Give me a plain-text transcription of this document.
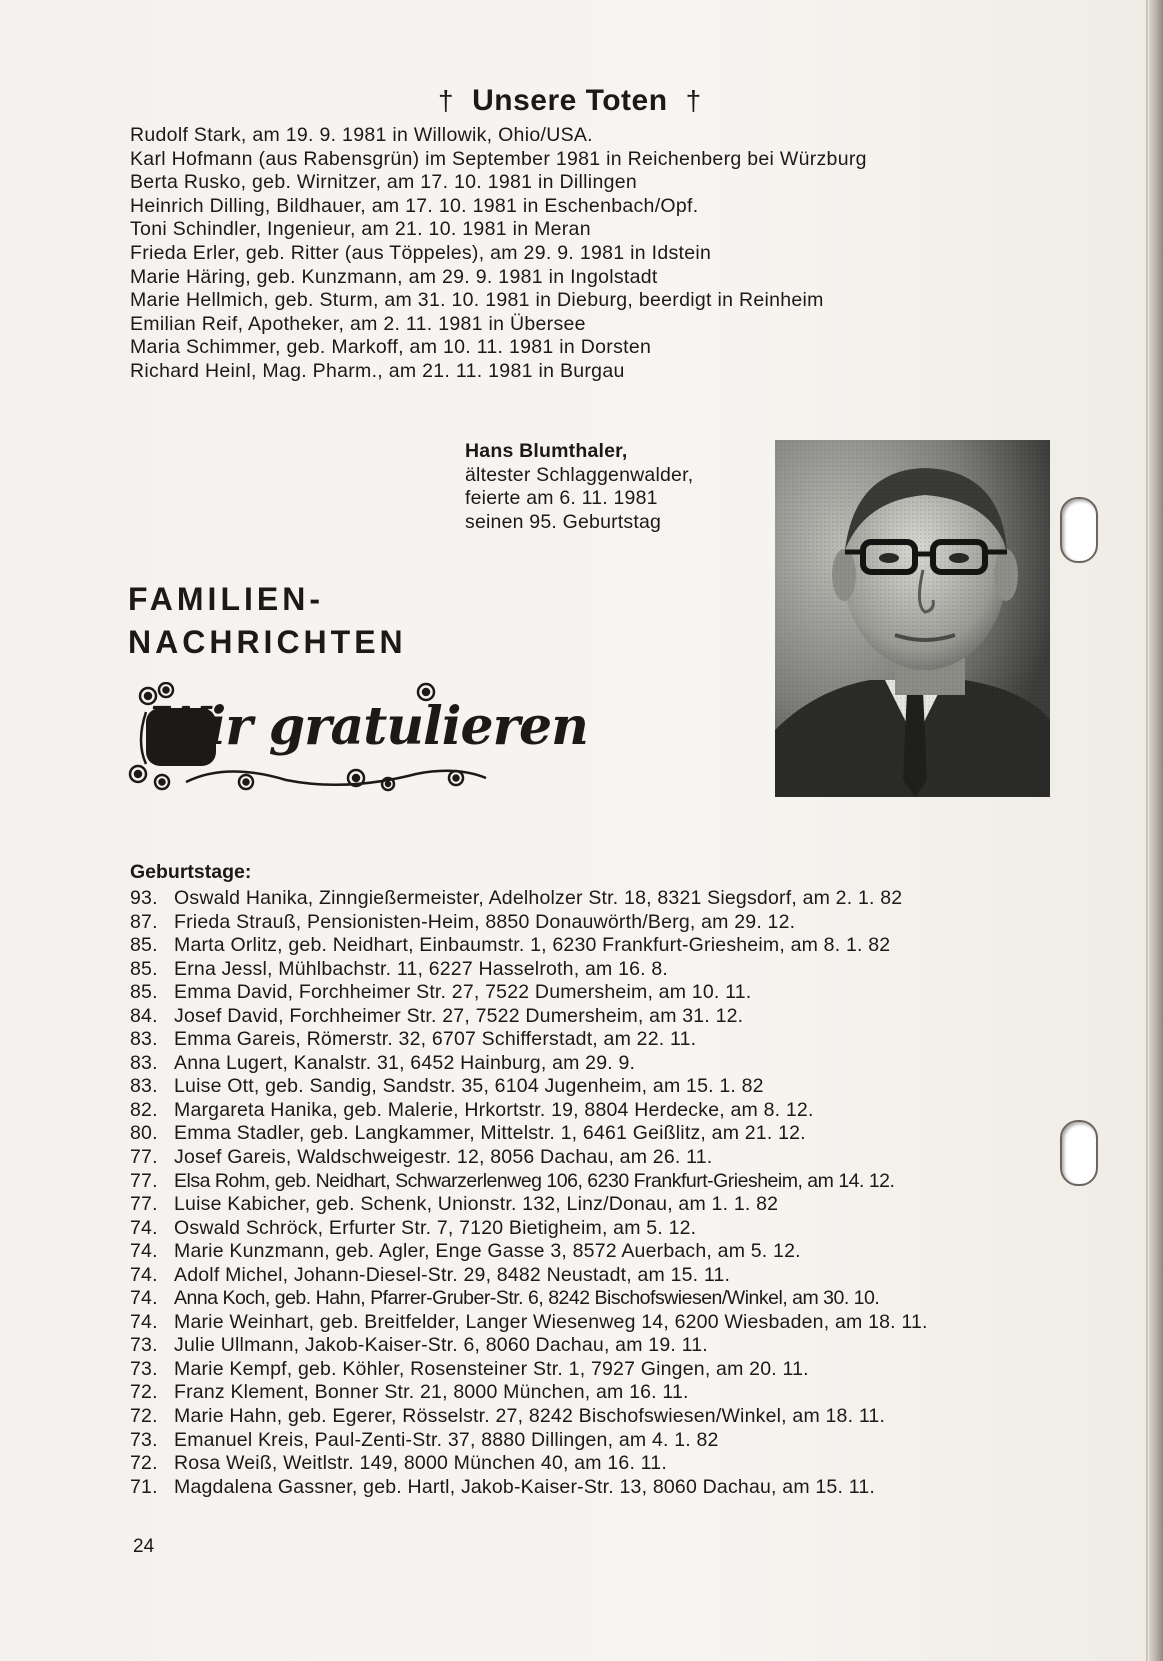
† Unsere Toten †
Rudolf Stark, am 19. 9. 1981 in Willowik, Ohio/USA.
Karl Hofmann (aus Rabensgrün) im September 1981 in Reichenberg bei Würzburg
Berta Rusko, geb. Wirnitzer, am 17. 10. 1981 in Dillingen
Heinrich Dilling, Bildhauer, am 17. 10. 1981 in Eschenbach/Opf.
Toni Schindler, Ingenieur, am 21. 10. 1981 in Meran
Frieda Erler, geb. Ritter (aus Töppeles), am 29. 9. 1981 in Idstein
Marie Häring, geb. Kunzmann, am 29. 9. 1981 in Ingolstadt
Marie Hellmich, geb. Sturm, am 31. 10. 1981 in Dieburg, beerdigt in Reinheim
Emilian Reif, Apotheker, am 2. 11. 1981 in Übersee
Maria Schimmer, geb. Markoff, am 10. 11. 1981 in Dorsten
Richard Heinl, Mag. Pharm., am 21. 11. 1981 in Burgau
Hans Blumthaler,
ältester Schlaggenwalder,
feierte am 6. 11. 1981
seinen 95. Geburtstag
FAMILIEN-
NACHRICHTEN
Wir gratulieren
Geburtstage:
93. Oswald Hanika, Zinngießermeister, Adelholzer Str. 18, 8321 Siegsdorf, am 2. 1. 82
87. Frieda Strauß, Pensionisten-Heim, 8850 Donauwörth/Berg, am 29. 12.
85. Marta Orlitz, geb. Neidhart, Einbaumstr. 1, 6230 Frankfurt-Griesheim, am 8. 1. 82
85. Erna Jessl, Mühlbachstr. 11, 6227 Hasselroth, am 16. 8.
85. Emma David, Forchheimer Str. 27, 7522 Dumersheim, am 10. 11.
84. Josef David, Forchheimer Str. 27, 7522 Dumersheim, am 31. 12.
83. Emma Gareis, Römerstr. 32, 6707 Schifferstadt, am 22. 11.
83. Anna Lugert, Kanalstr. 31, 6452 Hainburg, am 29. 9.
83. Luise Ott, geb. Sandig, Sandstr. 35, 6104 Jugenheim, am 15. 1. 82
82. Margareta Hanika, geb. Malerie, Hrkortstr. 19, 8804 Herdecke, am 8. 12.
80. Emma Stadler, geb. Langkammer, Mittelstr. 1, 6461 Geißlitz, am 21. 12.
77. Josef Gareis, Waldschweigestr. 12, 8056 Dachau, am 26. 11.
77. Elsa Rohm, geb. Neidhart, Schwarzerlenweg 106, 6230 Frankfurt-Griesheim, am 14. 12.
77. Luise Kabicher, geb. Schenk, Unionstr. 132, Linz/Donau, am 1. 1. 82
74. Oswald Schröck, Erfurter Str. 7, 7120 Bietigheim, am 5. 12.
74. Marie Kunzmann, geb. Agler, Enge Gasse 3, 8572 Auerbach, am 5. 12.
74. Adolf Michel, Johann-Diesel-Str. 29, 8482 Neustadt, am 15. 11.
74. Anna Koch, geb. Hahn, Pfarrer-Gruber-Str. 6, 8242 Bischofswiesen/Winkel, am 30. 10.
74. Marie Weinhart, geb. Breitfelder, Langer Wiesenweg 14, 6200 Wiesbaden, am 18. 11.
73. Julie Ullmann, Jakob-Kaiser-Str. 6, 8060 Dachau, am 19. 11.
73. Marie Kempf, geb. Köhler, Rosensteiner Str. 1, 7927 Gingen, am 20. 11.
72. Franz Klement, Bonner Str. 21, 8000 München, am 16. 11.
72. Marie Hahn, geb. Egerer, Rösselstr. 27, 8242 Bischofswiesen/Winkel, am 18. 11.
73. Emanuel Kreis, Paul-Zenti-Str. 37, 8880 Dillingen, am 4. 1. 82
72. Rosa Weiß, Weitlstr. 149, 8000 München 40, am 16. 11.
71. Magdalena Gassner, geb. Hartl, Jakob-Kaiser-Str. 13, 8060 Dachau, am 15. 11.
24
